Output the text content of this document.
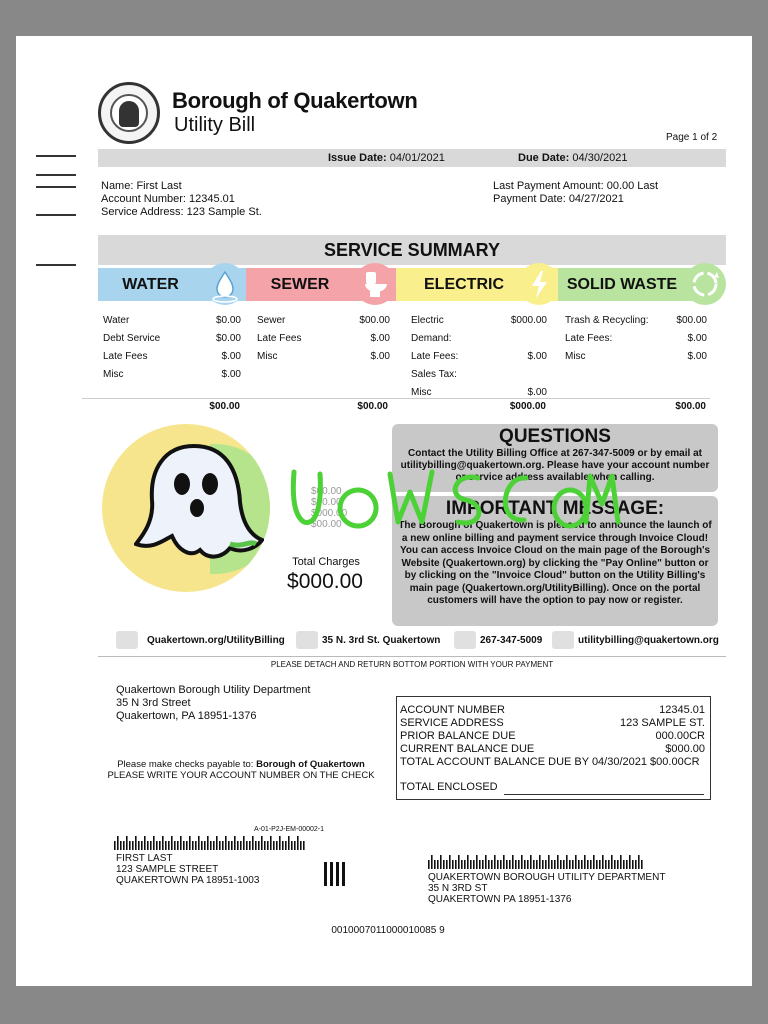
Borough of Quakertown
Utility Bill
Page 1 of 2
Issue Date: 04/01/2021	Due Date: 04/30/2021
Name: First Last
Account Number: 12345.01
Service Address: 123 Sample St.
Last Payment Amount: 00.00 Last
Payment Date: 04/27/2021
SERVICE SUMMARY
WATER	SEWER	ELECTRIC	SOLID WASTE
Water	$0.00
Debt Service	$0.00
Late Fees	$.00
Misc	$.00
Sewer	$00.00
Late Fees	$.00
Misc	$.00
Electric	$000.00
Demand:
Late Fees:	$.00
Sales Tax:
Misc	$.00
Trash & Recycling:	$00.00
Late Fees:	$.00
Misc	$.00
$00.00	$00.00	$000.00	$00.00
$00.00
$00.00
$000.00
$00.00
Total Charges
$000.00
QUESTIONS
Contact the Utility Billing Office at 267-347-5009 or by email at utilitybilling@quakertown.org. Please have your account number or service address available when calling.
IMPORTANT MESSAGE:
The Borough of Quakertown is pleased to announce the launch of a new online billing and payment service through Invoice Cloud! You can access Invoice Cloud on the main page of the Borough's Website (Quakertown.org) by clicking the "Pay Online" button or by clicking on the "Invoice Cloud" button on the Utility Billing's main page (Quakertown.org/UtilityBilling). Once on the portal customers will have the option to pay now or register.
Quakertown.org/UtilityBilling	35 N. 3rd St. Quakertown	267-347-5009	utilitybilling@quakertown.org
PLEASE DETACH AND RETURN BOTTOM PORTION WITH YOUR PAYMENT
Quakertown Borough Utility Department
35 N 3rd Street
Quakertown, PA 18951-1376	ACCOUNT NUMBER	12345.01
SERVICE ADDRESS	123 SAMPLE ST.
PRIOR BALANCE DUE	000.00CR
CURRENT BALANCE DUE	$000.00
TOTAL ACCOUNT BALANCE DUE BY 04/30/2021 $00.00CR
TOTAL ENCLOSED
Please make checks payable to: Borough of Quakertown
PLEASE WRITE YOUR ACCOUNT NUMBER ON THE CHECK
A-01-P2J-EM-00002-1
FIRST LAST
123 SAMPLE STREET
QUAKERTOWN PA 18951-1003	QUAKERTOWN BOROUGH UTILITY DEPARTMENT
35 N 3RD ST
QUAKERTOWN PA 18951-1376
0010007011000010085 9
